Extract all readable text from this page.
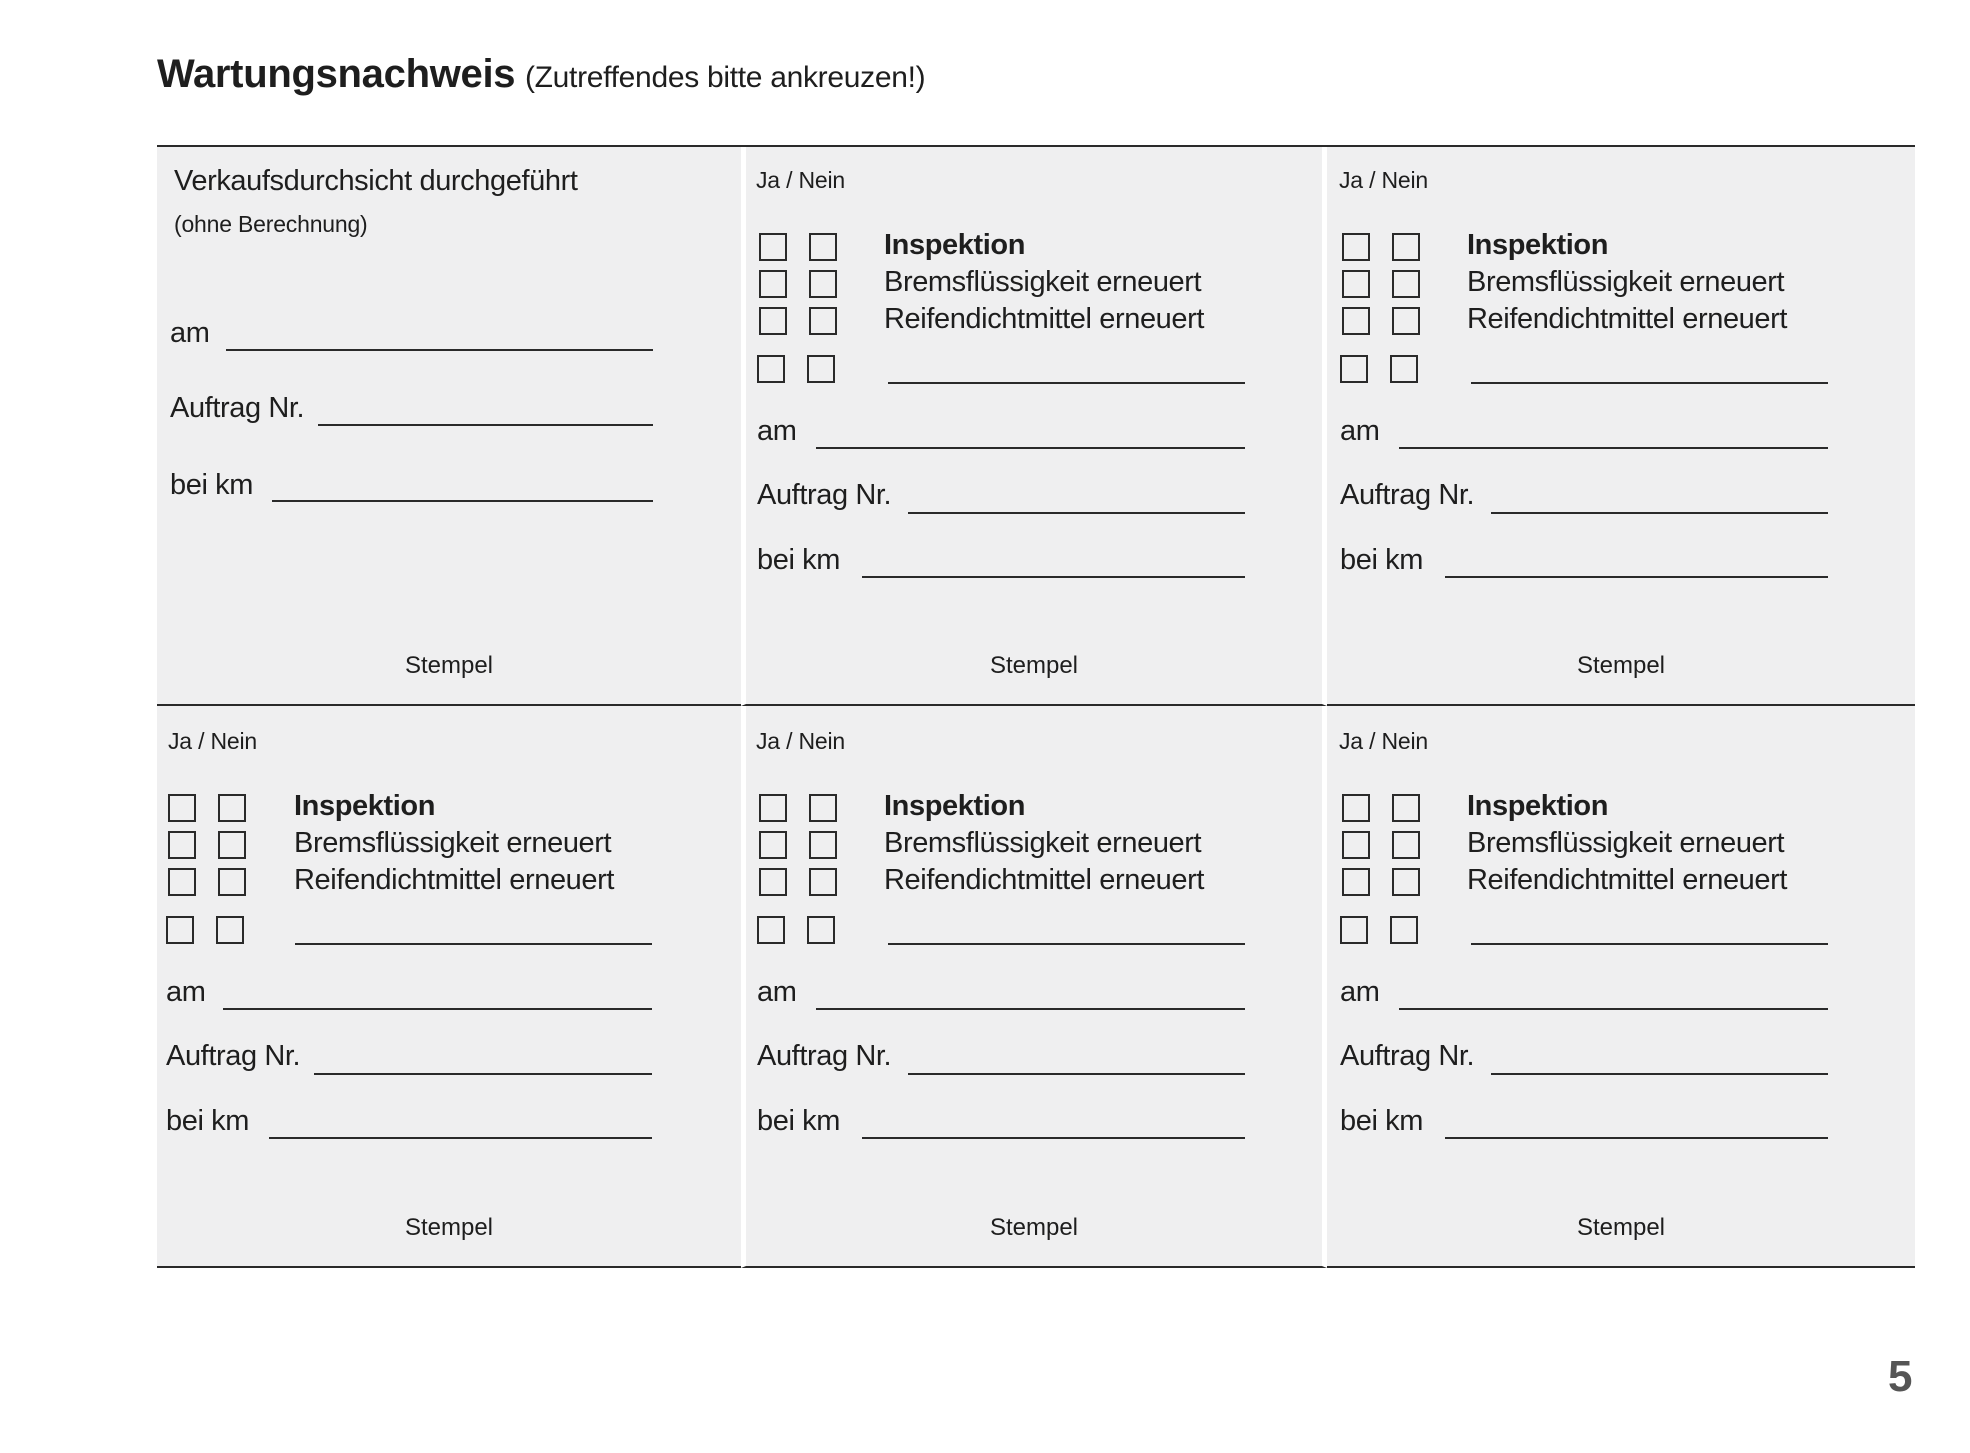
Wartungsnachweis (Zutreffendes bitte ankreuzen!)
Verkaufsdurchsicht durchgeführt
(ohne Berechnung)
am
Auftrag Nr.
bei km
Stempel
Ja / Nein
Inspektion
Bremsflüssigkeit erneuert
Reifendichtmittel erneuert
am
Auftrag Nr.
bei km
Stempel
Ja / Nein
Inspektion
Bremsflüssigkeit erneuert
Reifendichtmittel erneuert
am
Auftrag Nr.
bei km
Stempel
Ja / Nein
Inspektion
Bremsflüssigkeit erneuert
Reifendichtmittel erneuert
am
Auftrag Nr.
bei km
Stempel
Ja / Nein
Inspektion
Bremsflüssigkeit erneuert
Reifendichtmittel erneuert
am
Auftrag Nr.
bei km
Stempel
Ja / Nein
Inspektion
Bremsflüssigkeit erneuert
Reifendichtmittel erneuert
am
Auftrag Nr.
bei km
Stempel
5
